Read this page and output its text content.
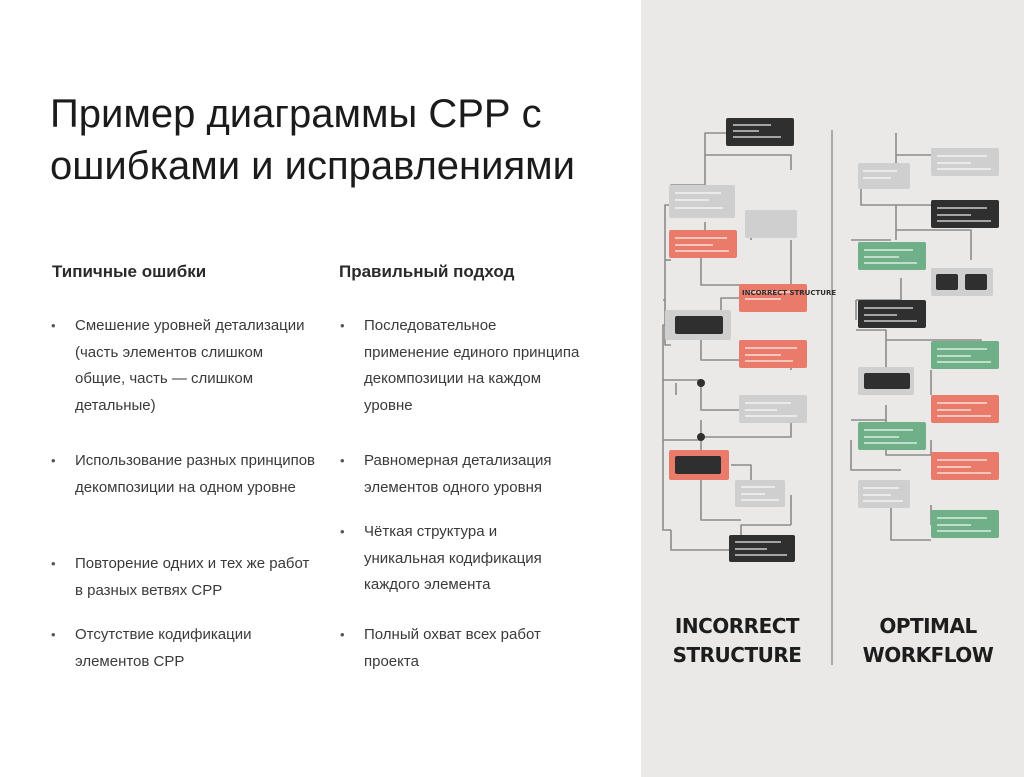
Пример диаграммы СРР с ошибками и исправлениями
Типичные ошибки	Правильный подход
• Смешение уровней детализации (часть элементов слишком общие, часть — слишком детальные)
• Использование разных принципов декомпозиции на одном уровне
• Повторение одних и тех же работ в разных ветвях СРР
• Отсутствие кодификации элементов СРР
• Последовательное применение единого принципа декомпозиции на каждом уровне
• Равномерная детализация элементов одного уровня
• Чёткая структура и уникальная кодификация каждого элемента
• Полный охват всех работ проекта
INCORRECT STRUCTURE
INCORRECT
STRUCTURE
OPTIMAL
WORKFLOW
